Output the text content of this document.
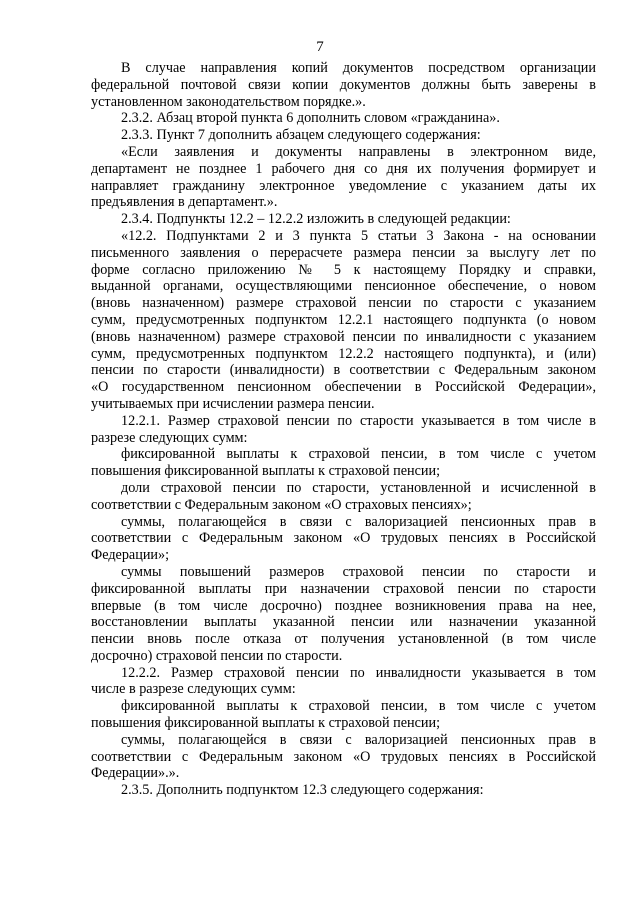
7
В случае направления копий документов посредством организации
федеральной почтовой связи копии документов должны быть заверены в
установленном законодательством порядке.».
2.3.2. Абзац второй пункта 6 дополнить словом «гражданина».
2.3.3. Пункт 7 дополнить абзацем следующего содержания:
«Если заявления и документы направлены в электронном виде,
департамент не позднее 1 рабочего дня со дня их получения формирует и
направляет гражданину электронное уведомление с указанием даты их
предъявления в департамент.».
2.3.4. Подпункты 12.2 – 12.2.2 изложить в следующей редакции:
«12.2. Подпунктами 2 и 3 пункта 5 статьи 3 Закона - на основании
письменного заявления о перерасчете размера пенсии за выслугу лет по
форме согласно приложению № 5 к настоящему Порядку и справки,
выданной органами, осуществляющими пенсионное обеспечение, о новом
(вновь назначенном) размере страховой пенсии по старости с указанием
сумм, предусмотренных подпунктом 12.2.1 настоящего подпункта (о новом
(вновь назначенном) размере страховой пенсии по инвалидности с указанием
сумм, предусмотренных подпунктом 12.2.2 настоящего подпункта), и (или)
пенсии по старости (инвалидности) в соответствии с Федеральным законом
«О государственном пенсионном обеспечении в Российской Федерации»,
учитываемых при исчислении размера пенсии.
12.2.1. Размер страховой пенсии по старости указывается в том числе в
разрезе следующих сумм:
фиксированной выплаты к страховой пенсии, в том числе с учетом
повышения фиксированной выплаты к страховой пенсии;
доли страховой пенсии по старости, установленной и исчисленной в
соответствии с Федеральным законом «О страховых пенсиях»;
суммы, полагающейся в связи с валоризацией пенсионных прав в
соответствии с Федеральным законом «О трудовых пенсиях в Российской
Федерации»;
суммы повышений размеров страховой пенсии по старости и
фиксированной выплаты при назначении страховой пенсии по старости
впервые (в том числе досрочно) позднее возникновения права на нее,
восстановлении выплаты указанной пенсии или назначении указанной
пенсии вновь после отказа от получения установленной (в том числе
досрочно) страховой пенсии по старости.
12.2.2. Размер страховой пенсии по инвалидности указывается в том
числе в разрезе следующих сумм:
фиксированной выплаты к страховой пенсии, в том числе с учетом
повышения фиксированной выплаты к страховой пенсии;
суммы, полагающейся в связи с валоризацией пенсионных прав в
соответствии с Федеральным законом «О трудовых пенсиях в Российской
Федерации».».
2.3.5. Дополнить подпунктом 12.3 следующего содержания:
